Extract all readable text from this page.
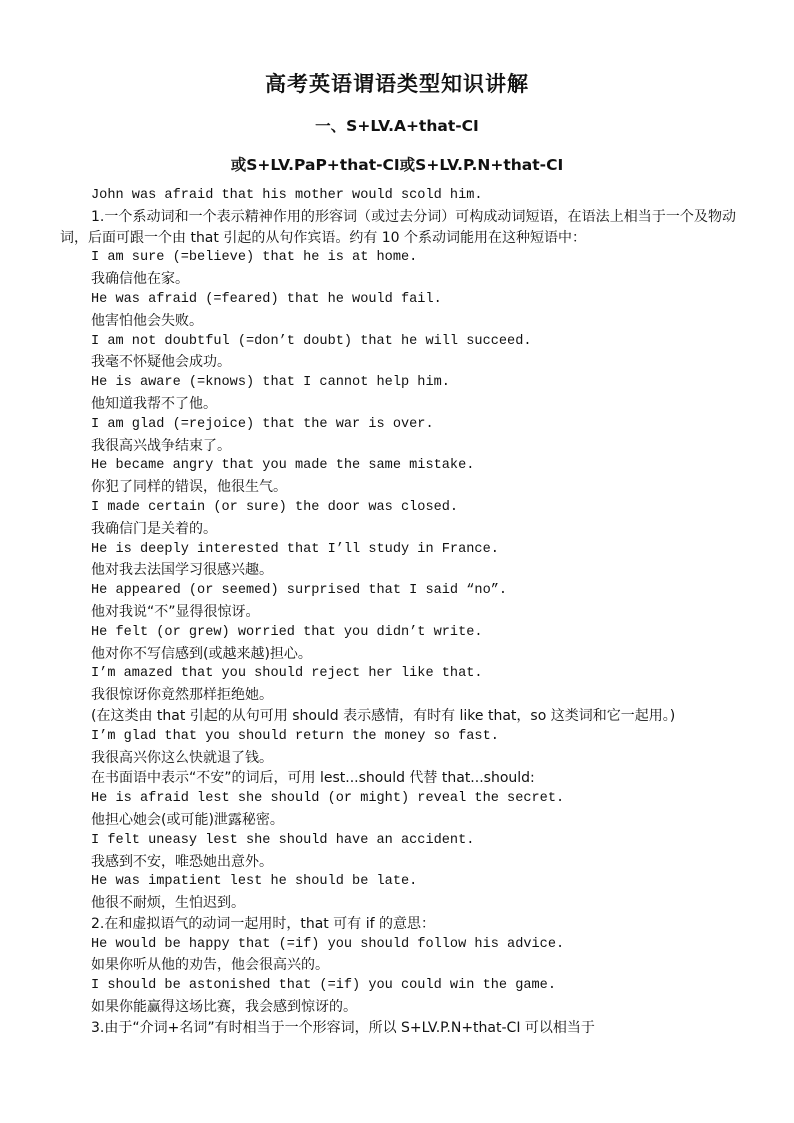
高考英语谓语类型知识讲解
一、S+LV.A+that-CI
或S+LV.PaP+that-CI或S+LV.P.N+that-CI
John was afraid that his mother would scold him.
1.一个系动词和一个表示精神作用的形容词（或过去分词）可构成动词短语，在语法上相当于一个及物动词，后面可跟一个由 that 引起的从句作宾语。约有 10 个系动词能用在这种短语中：
I am sure (=believe) that he is at home.
我确信他在家。
He was afraid (=feared) that he would fail.
他害怕他会失败。
I am not doubtful (=don’t doubt) that he will succeed.
我毫不怀疑他会成功。
He is aware (=knows) that I cannot help him.
他知道我帮不了他。
I am glad (=rejoice) that the war is over.
我很高兴战争结束了。
He became angry that you made the same mistake.
你犯了同样的错误，他很生气。
I made certain (or sure) the door was closed.
我确信门是关着的。
He is deeply interested that I’ll study in France.
他对我去法国学习很感兴趣。
He appeared (or seemed) surprised that I said “no”.
他对我说“不”显得很惊讶。
He felt (or grew) worried that you didn’t write.
他对你不写信感到(或越来越)担心。
I’m amazed that you should reject her like that.
我很惊讶你竟然那样拒绝她。
(在这类由 that 引起的从句可用 should 表示感情，有时有 like that，so 这类词和它一起用。)
I’m glad that you should return the money so fast.
我很高兴你这么快就退了钱。
在书面语中表示“不安”的词后，可用 lest...should 代替 that...should:
He is afraid lest she should (or might) reveal the secret.
他担心她会(或可能)泄露秘密。
I felt uneasy lest she should have an accident.
我感到不安，唯恐她出意外。
He was impatient lest he should be late.
他很不耐烦，生怕迟到。
2.在和虚拟语气的动词一起用时，that 可有 if 的意思：
He would be happy that (=if) you should follow his advice.
如果你听从他的劝告，他会很高兴的。
I should be astonished that (=if) you could win the game.
如果你能赢得这场比赛，我会感到惊讶的。
3.由于“介词+名词”有时相当于一个形容词，所以 S+LV.P.N+that-CI 可以相当于
